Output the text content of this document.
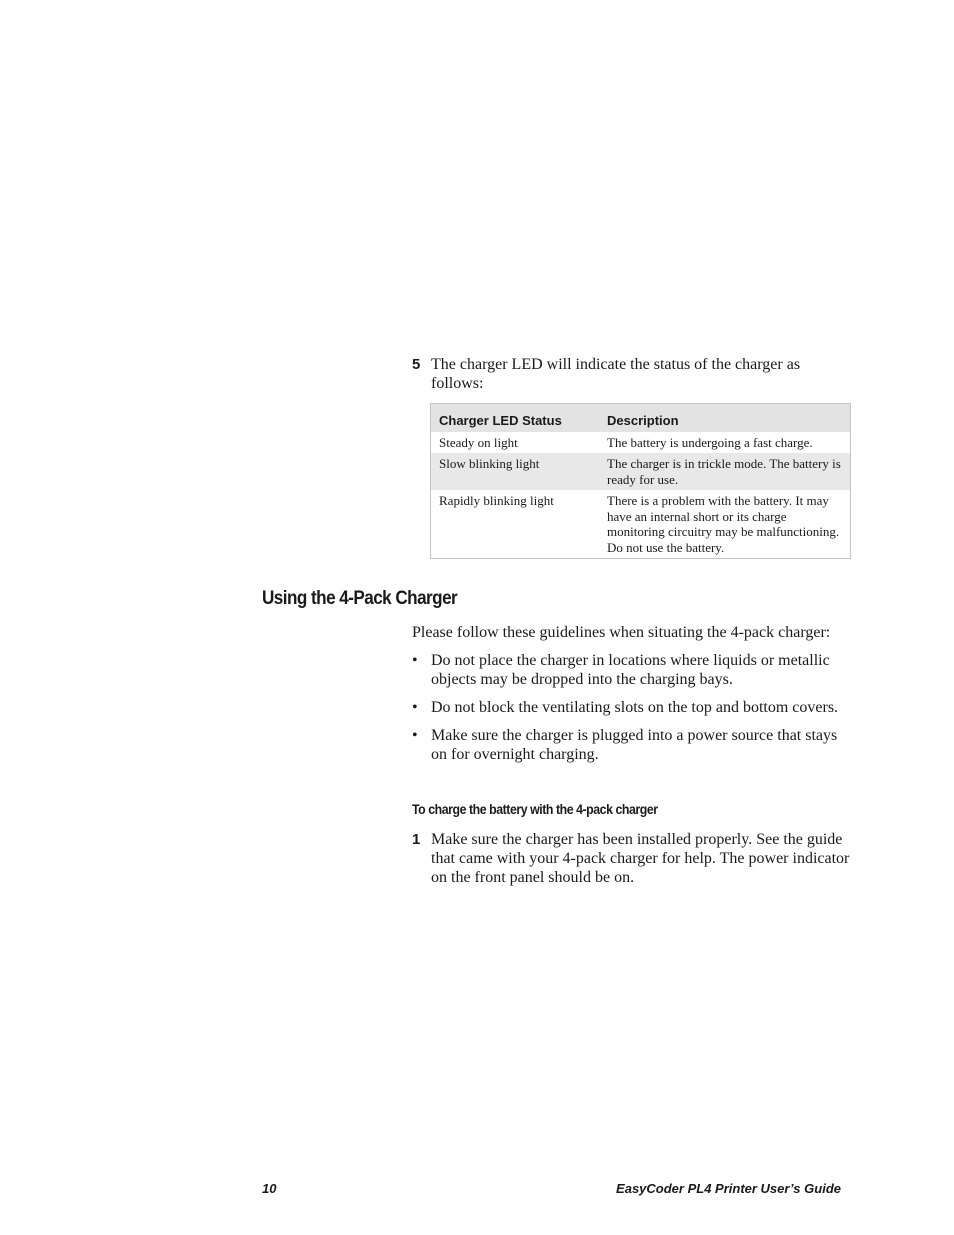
5 The charger LED will indicate the status of the charger as follows:
Charger LED Status	Description
Steady on light	The battery is undergoing a fast charge.
Slow blinking light	The charger is in trickle mode. The battery is ready for use.
Rapidly blinking light	There is a problem with the battery. It may have an internal short or its charge monitoring circuitry may be malfunctioning. Do not use the battery.
Using the 4-Pack Charger

Please follow these guidelines when situating the 4-pack charger:

• Do not place the charger in locations where liquids or metallic objects may be dropped into the charging bays.
• Do not block the ventilating slots on the top and bottom covers.
• Make sure the charger is plugged into a power source that stays on for overnight charging.
To charge the battery with the 4-pack charger
1 Make sure the charger has been installed properly. See the guide that came with your 4-pack charger for help. The power indicator on the front panel should be on.
10	EasyCoder PL4 Printer User’s Guide
